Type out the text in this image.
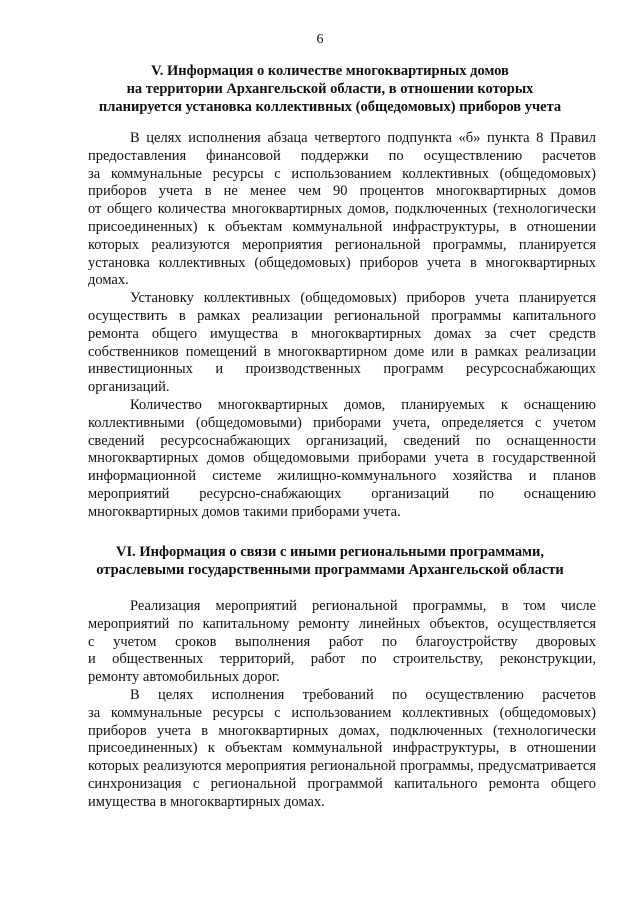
6
V. Информация о количестве многоквартирных домов
на территории Архангельской области, в отношении которых
планируется установка коллективных (общедомовых) приборов учета

В целях исполнения абзаца четвертого подпункта «б» пункта 8 Правил
предоставления финансовой поддержки по осуществлению расчетов
за коммунальные ресурсы с использованием коллективных (общедомовых)
приборов учета в не менее чем 90 процентов многоквартирных домов
от общего количества многоквартирных домов, подключенных (технологически
присоединенных) к объектам коммунальной инфраструктуры, в отношении
которых реализуются мероприятия региональной программы, планируется
установка коллективных (общедомовых) приборов учета в многоквартирных
домах.

Установку коллективных (общедомовых) приборов учета планируется
осуществить в рамках реализации региональной программы капитального
ремонта общего имущества в многоквартирных домах за счет средств
собственников помещений в многоквартирном доме или в рамках реализации
инвестиционных и производственных программ ресурсоснабжающих
организаций.

Количество многоквартирных домов, планируемых к оснащению
коллективными (общедомовыми) приборами учета, определяется с учетом
сведений ресурсоснабжающих организаций, сведений по оснащенности
многоквартирных домов общедомовыми приборами учета в государственной
информационной системе жилищно-коммунального хозяйства и планов
мероприятий ресурсно-снабжающих организаций по оснащению
многоквартирных домов такими приборами учета.

VI. Информация о связи с иными региональными программами,
отраслевыми государственными программами Архангельской области

Реализация мероприятий региональной программы, в том числе
мероприятий по капитальному ремонту линейных объектов, осуществляется
с учетом сроков выполнения работ по благоустройству дворовых
и общественных территорий, работ по строительству, реконструкции,
ремонту автомобильных дорог.

В целях исполнения требований по осуществлению расчетов
за коммунальные ресурсы с использованием коллективных (общедомовых)
приборов учета в многоквартирных домах, подключенных (технологически
присоединенных) к объектам коммунальной инфраструктуры, в отношении
которых реализуются мероприятия региональной программы, предусматривается
синхронизация с региональной программой капитального ремонта общего
имущества в многоквартирных домах.
